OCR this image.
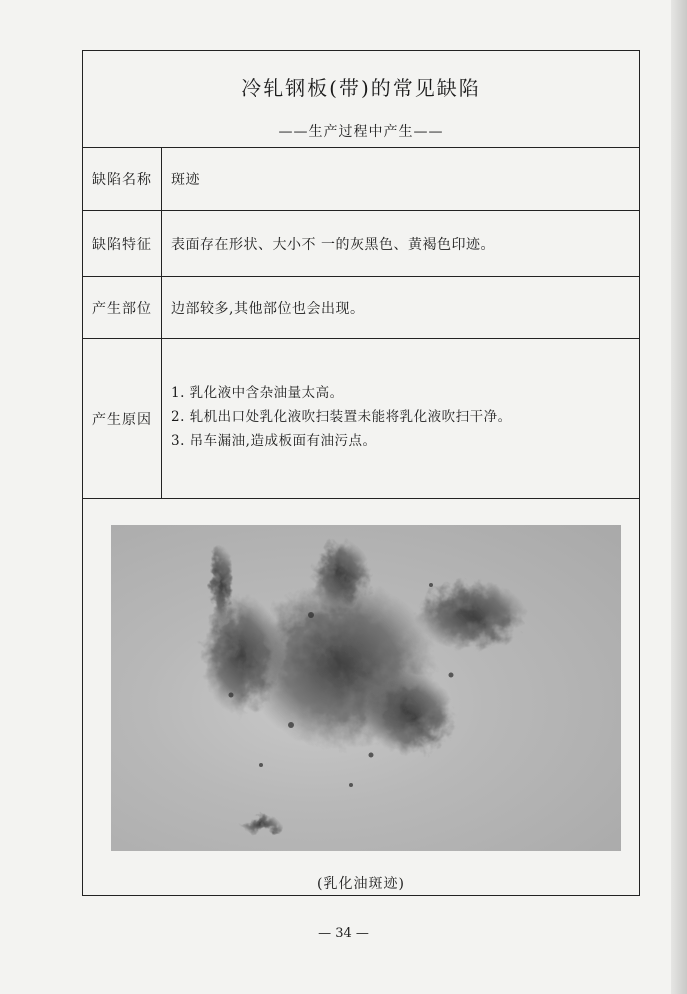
冷轧钢板(带)的常见缺陷
——生产过程中产生——
缺陷名称	斑迹
缺陷特征	表面存在形状、大小不 一的灰黑色、黄褐色印迹。
产生部位	边部较多,其他部位也会出现。
产生原因
1. 乳化液中含杂油量太高。
2. 轧机出口处乳化液吹扫装置未能将乳化液吹扫干净。
3. 吊车漏油,造成板面有油污点。
(乳化油斑迹)
— 34 —
